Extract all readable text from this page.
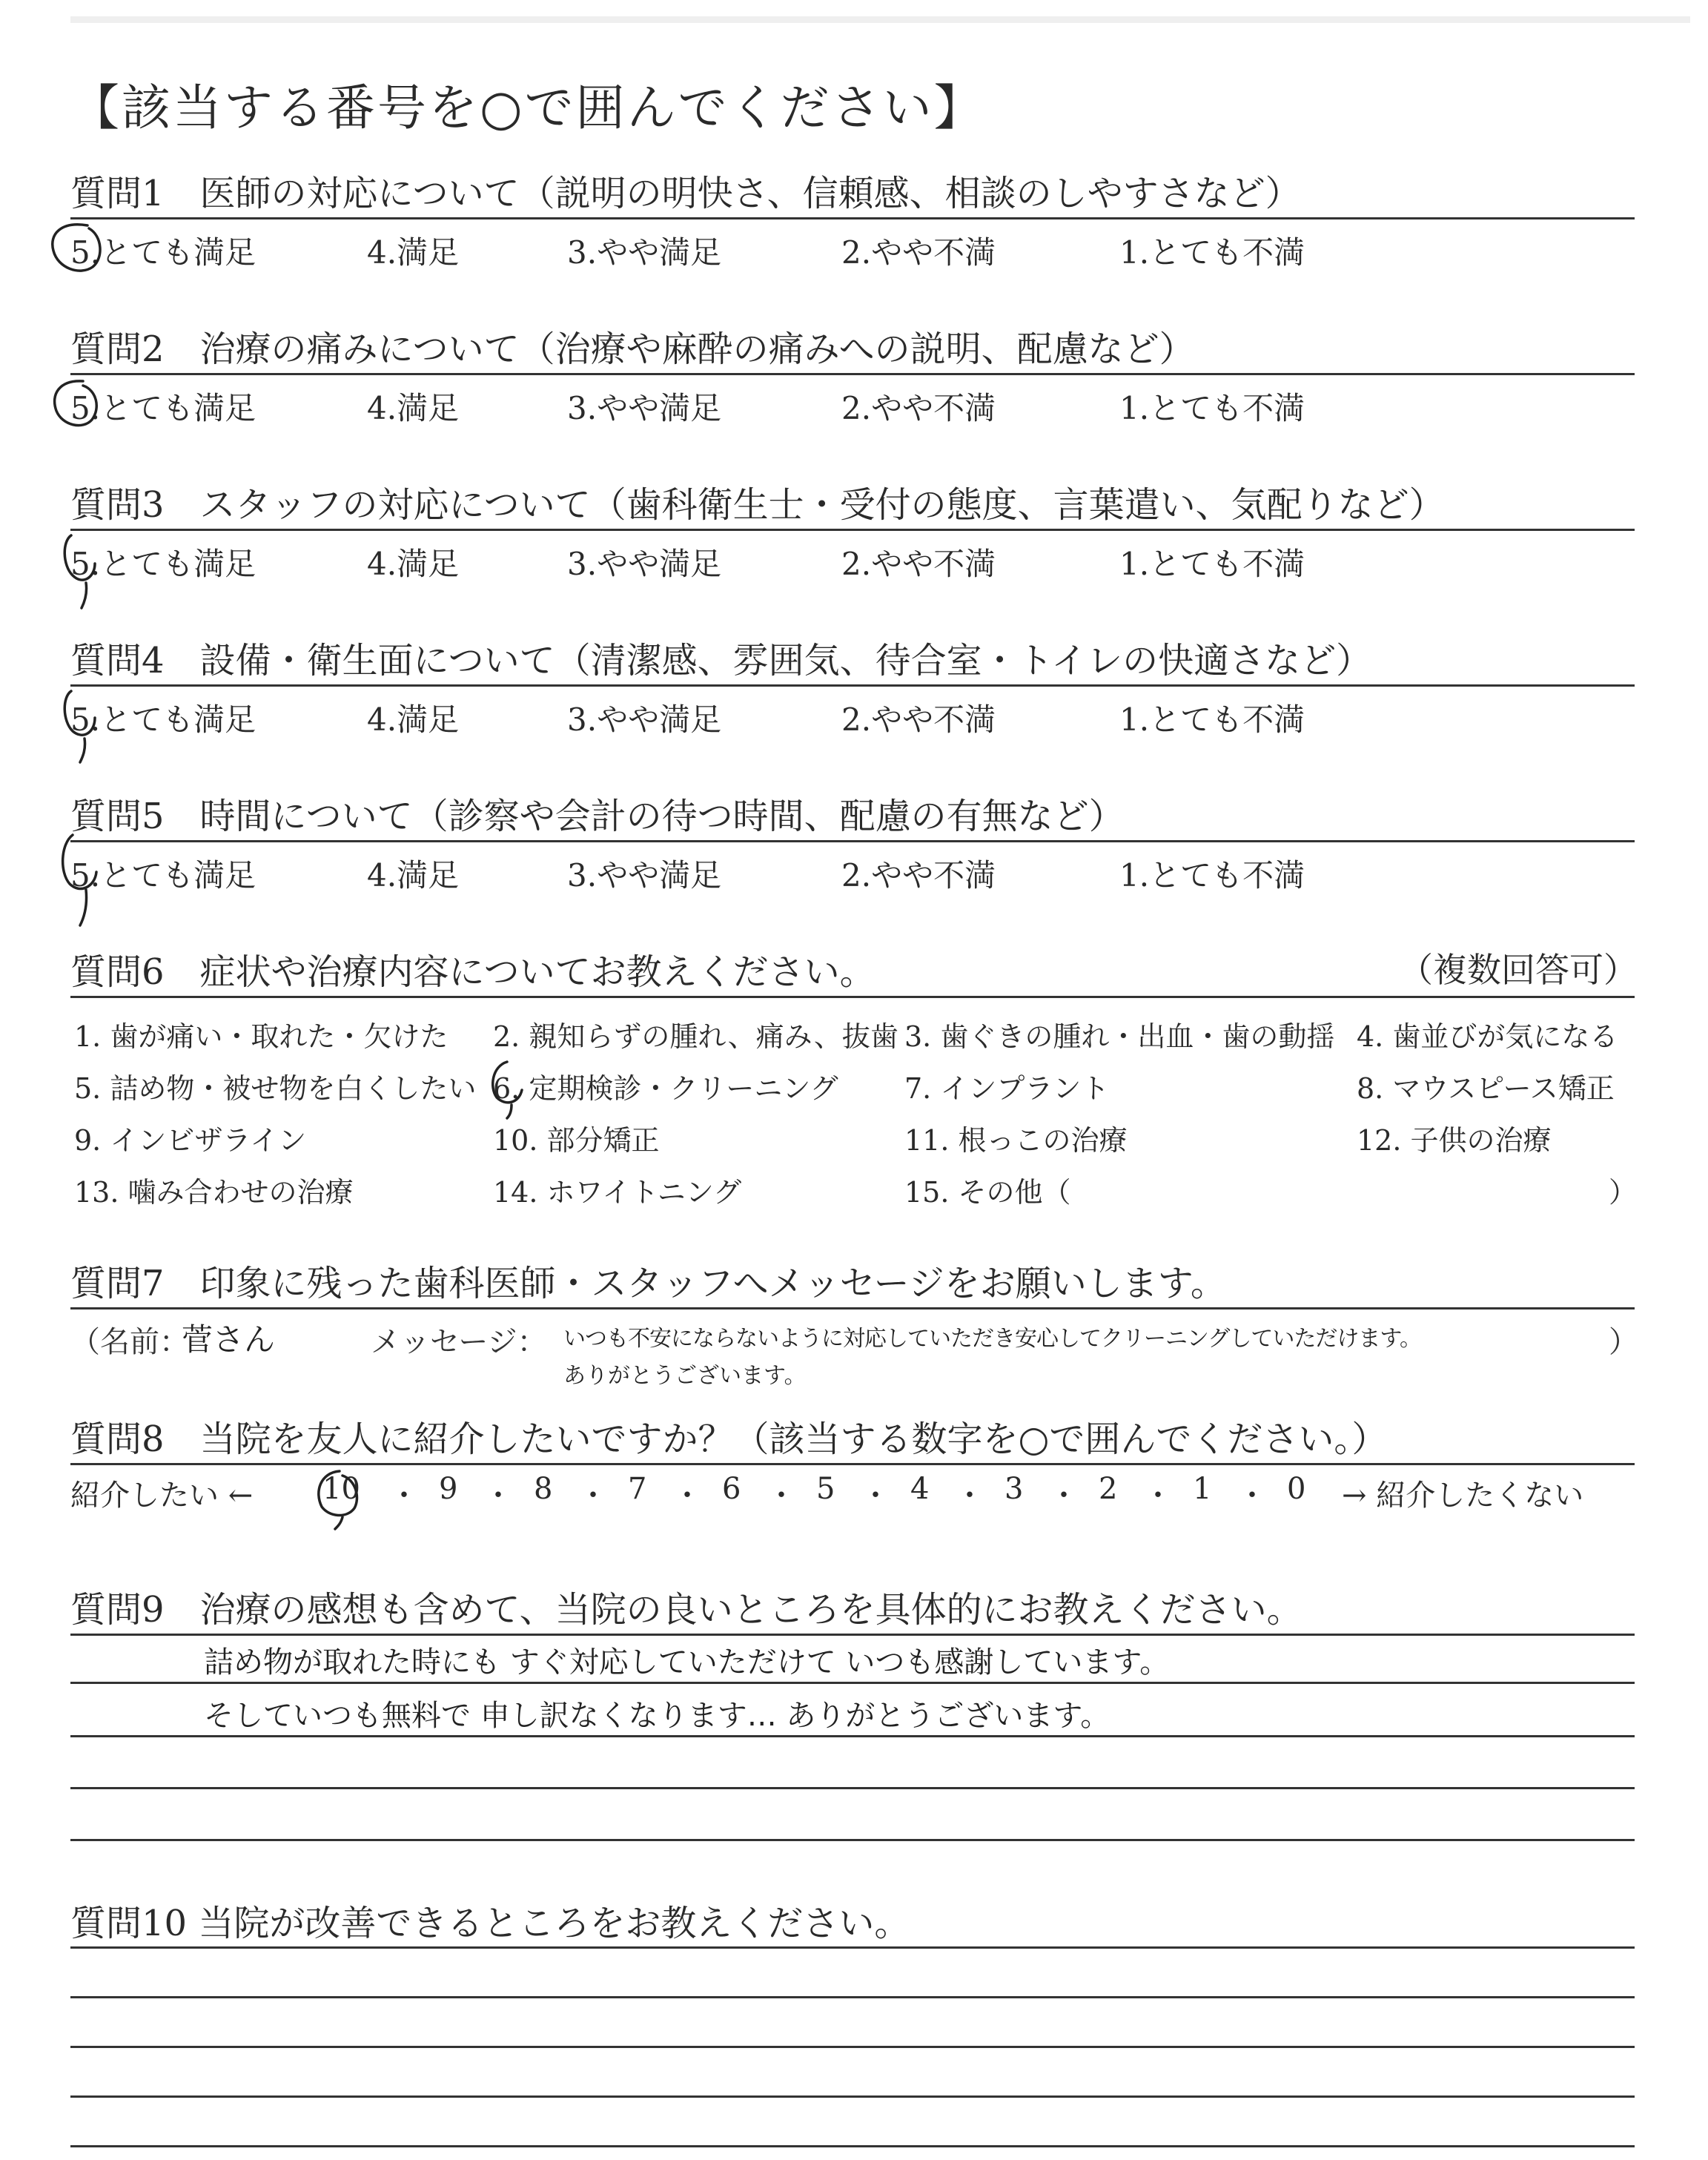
【該当する番号を○で囲んでください】
質問1　医師の対応について（説明の明快さ、信頼感、相談のしやすさなど）
5.とても満足	4.満足	3.やや満足	2.やや不満	1.とても不満
質問2　治療の痛みについて（治療や麻酔の痛みへの説明、配慮など）
5.とても満足	4.満足	3.やや満足	2.やや不満	1.とても不満
質問3　スタッフの対応について（歯科衛生士・受付の態度、言葉遣い、気配りなど）
5.とても満足	4.満足	3.やや満足	2.やや不満	1.とても不満
質問4　設備・衛生面について（清潔感、雰囲気、待合室・トイレの快適さなど）
5.とても満足	4.満足	3.やや満足	2.やや不満	1.とても不満
質問5　時間について（診察や会計の待つ時間、配慮の有無など）
5.とても満足	4.満足	3.やや満足	2.やや不満	1.とても不満
質問6　症状や治療内容についてお教えください。	（複数回答可）
1. 歯が痛い・取れた・欠けた 2. 親知らずの腫れ、痛み、抜歯 3. 歯ぐきの腫れ・出血・歯の動揺 4. 歯並びが気になる
5. 詰め物・被せ物を白くしたい 6. 定期検診・クリーニング 7. インプラント	8. マウスピース矯正
9. インビザライン	10. 部分矯正	11. 根っこの治療	12. 子供の治療
13. 噛み合わせの治療	14. ホワイトニング	15. その他（	）
質問7　印象に残った歯科医師・スタッフへメッセージをお願いします。
（名前：
菅さん	メッセージ： いつも不安にならないように対応していただき安心してクリーニングしていただけます。
ありがとうございます。
）
質問8　当院を友人に紹介したいですか？（該当する数字を○で囲んでください。）
紹介したい ← 10 ・ 9 ・ 8 ・ 7 ・ 6 ・ 5 ・ 4 ・ 3 ・ 2 ・ 1 ・ 0 → 紹介したくない
質問9　治療の感想も含めて、当院の良いところを具体的にお教えください。
詰め物が取れた時にも すぐ対応していただけて いつも感謝しています。
そしていつも無料で 申し訳なくなります… ありがとうございます。
質問10 当院が改善できるところをお教えください。
